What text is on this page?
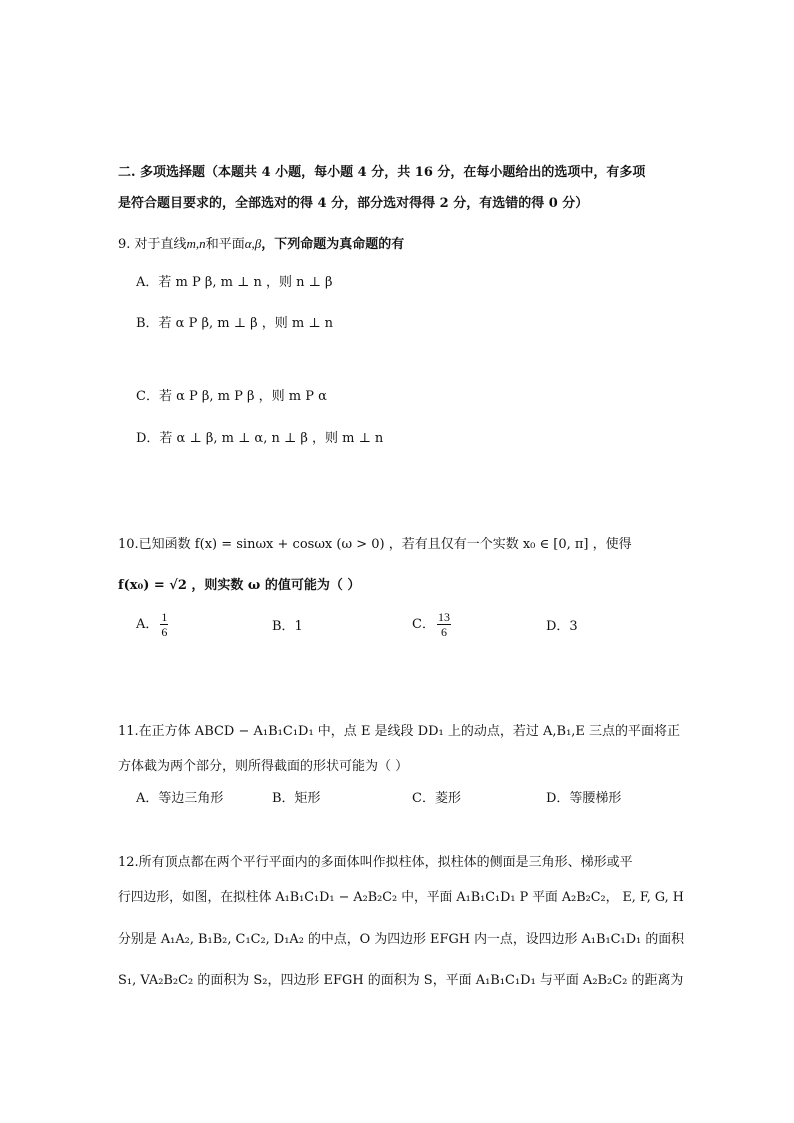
二. 多项选择题（本题共 4 小题，每小题 4 分，共 16 分，在每小题给出的选项中，有多项
是符合题目要求的，全部选对的得 4 分，部分选对得得 2 分，有选错的得 0 分）
9. 对于直线m,n和平面α,β，下列命题为真命题的有
A．若 m P β, m ⊥ n ，则 n ⊥ β
B．若 α P β, m ⊥ β ，则 m ⊥ n
C．若 α P β, m P β ，则 m P α
D．若 α ⊥ β, m ⊥ α, n ⊥ β ，则 m ⊥ n
10.已知函数 f(x) = sinωx + cosωx (ω > 0) ，若有且仅有一个实数 x₀ ∈ [0, π] ，使得
f(x₀) = √2 ，则实数 ω 的值可能为（ ）
A． $\frac{1}{6}$	B．1	C． $\frac{13}{6}$	D．3
11.在正方体 ABCD − A₁B₁C₁D₁ 中，点 E 是线段 DD₁ 上的动点，若过 A,B₁,E 三点的平面将正
方体截为两个部分，则所得截面的形状可能为（ ）
A．等边三角形	B．矩形	C．菱形	D．等腰梯形
12.所有顶点都在两个平行平面内的多面体叫作拟柱体，拟柱体的侧面是三角形、梯形或平
行四边形，如图，在拟柱体 A₁B₁C₁D₁ − A₂B₂C₂ 中，平面 A₁B₁C₁D₁ P 平面 A₂B₂C₂， E, F, G, H
分别是 A₁A₂, B₁B₂, C₁C₂, D₁A₂ 的中点，O 为四边形 EFGH 内一点，设四边形 A₁B₁C₁D₁ 的面积
S₁, VA₂B₂C₂ 的面积为 S₂，四边形 EFGH 的面积为 S，平面 A₁B₁C₁D₁ 与平面 A₂B₂C₂ 的距离为
